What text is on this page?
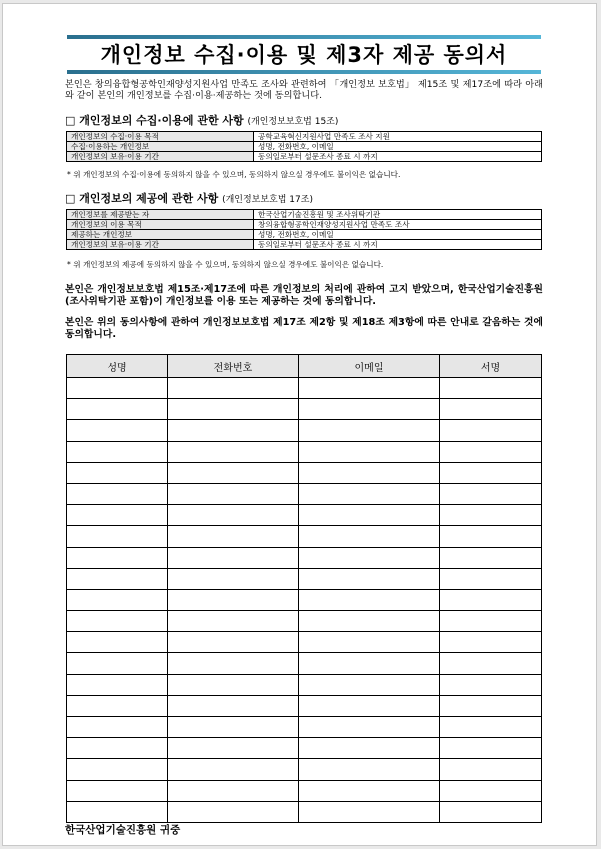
개인정보 수집·이용 및 제3자 제공 동의서
본인은 창의융합형공학인재양성지원사업 만족도 조사와 관련하여 「개인정보 보호법」 제15조 및 제17조에 따라 아래와 같이 본인의 개인정보를 수집·이용·제공하는 것에 동의합니다.
□ 개인정보의 수집·이용에 관한 사항 (개인정보보호법 15조)
개인정보의 수집·이용 목적	공학교육혁신지원사업 만족도 조사 지원
수집·이용하는 개인정보	성명, 전화번호, 이메일
개인정보의 보유·이용 기간	동의일로부터 설문조사 종료 시 까지
* 위 개인정보의 수집·이용에 동의하지 않을 수 있으며, 동의하지 않으실 경우에도 불이익은 없습니다.
□ 개인정보의 제공에 관한 사항 (개인정보보호법 17조)
개인정보를 제공받는 자	한국산업기술진흥원 및 조사위탁기관
개인정보의 이용 목적	창의융합형공학인재양성지원사업 만족도 조사
제공하는 개인정보	성명, 전화번호, 이메일
개인정보의 보유·이용 기간	동의일로부터 설문조사 종료 시 까지
* 위 개인정보의 제공에 동의하지 않을 수 있으며, 동의하지 않으실 경우에도 불이익은 없습니다.
본인은 개인정보보호법 제15조·제17조에 따른 개인정보의 처리에 관하여 고지 받았으며, 한국산업기술진흥원(조사위탁기관 포함)이 개인정보를 이용 또는 제공하는 것에 동의합니다.
본인은 위의 동의사항에 관하여 개인정보보호법 제17조 제2항 및 제18조 제3항에 따른 안내로 갈음하는 것에 동의합니다.
성명	전화번호	이메일	서명

한국산업기술진흥원 귀중
